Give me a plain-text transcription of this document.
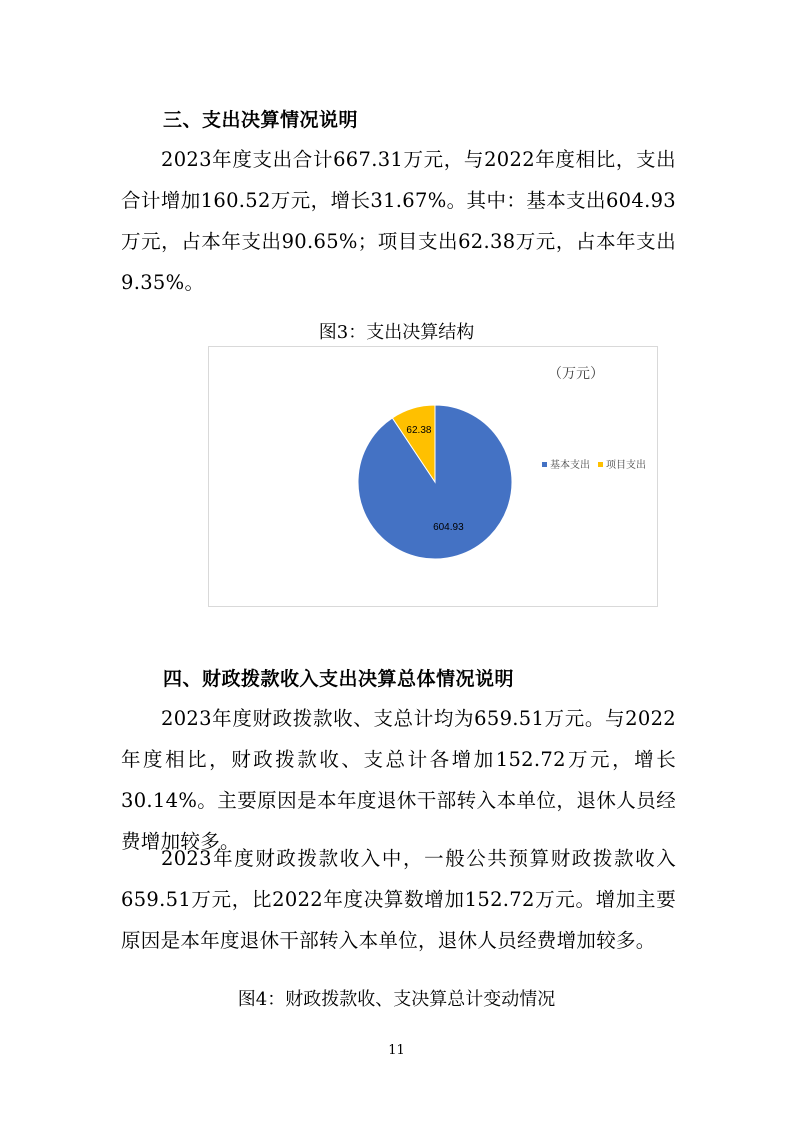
三、支出决算情况说明

2023年度支出合计667.31万元，与2022年度相比，支出合计增加160.52万元，增长31.67%。其中：基本支出604.93万元，占本年支出90.65%；项目支出62.38万元，占本年支出9.35%。

图3：支出决算结构
（万元）
604.93
62.38
基本支出 项目支出
四、财政拨款收入支出决算总体情况说明

2023年度财政拨款收、支总计均为659.51万元。与2022年度相比，财政拨款收、支总计各增加152.72万元，增长30.14%。主要原因是本年度退休干部转入本单位，退休人员经费增加较多。

2023年度财政拨款收入中，一般公共预算财政拨款收入659.51万元，比2022年度决算数增加152.72万元。增加主要原因是本年度退休干部转入本单位，退休人员经费增加较多。

图4：财政拨款收、支决算总计变动情况
11
